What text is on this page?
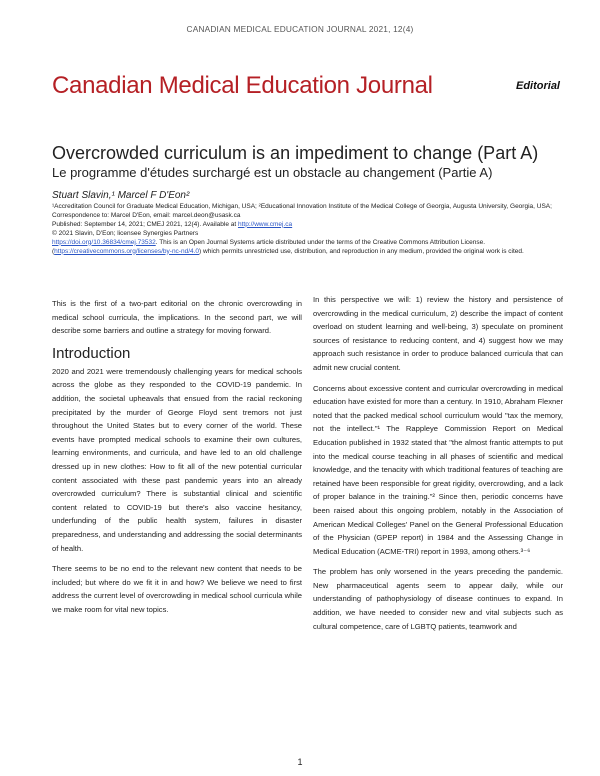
CANADIAN MEDICAL EDUCATION JOURNAL 2021, 12(4)
Canadian Medical Education Journal	Editorial
Overcrowded curriculum is an impediment to change (Part A)
Le programme d'études surchargé est un obstacle au changement (Partie A)
Stuart Slavin,¹ Marcel F D'Eon²
¹Accreditation Council for Graduate Medical Education, Michigan, USA; ²Educational Innovation Institute of the Medical College of Georgia, Augusta University, Georgia, USA;
Correspondence to: Marcel D'Eon, email: marcel.deon@usask.ca
Published: September 14, 2021; CMEJ 2021, 12(4). Available at http://www.cmej.ca
© 2021 Slavin, D'Eon; licensee Synergies Partners
https://doi.org/10.36834/cmej.73532. This is an Open Journal Systems article distributed under the terms of the Creative Commons Attribution License.
(https://creativecommons.org/licenses/by-nc-nd/4.0) which permits unrestricted use, distribution, and reproduction in any medium, provided the original work is cited.

This is the first of a two-part editorial on the chronic overcrowding in medical school curricula, the implications. In the second part, we will describe some barriers and outline a strategy for moving forward.

Introduction

2020 and 2021 were tremendously challenging years for medical schools across the globe as they responded to the COVID-19 pandemic. In addition, the societal upheavals that ensued from the racial reckoning precipitated by the murder of George Floyd sent tremors not just throughout the United States but to every corner of the world. These events have prompted medical schools to examine their own cultures, learning environments, and curricula, and have led to an old challenge dressed up in new clothes: How to fit all of the new potential curricular content associated with these past pandemic years into an already overcrowded curriculum? There is substantial clinical and scientific content related to COVID-19 but there's also vaccine hesitancy, underfunding of the public health system, failures in disaster preparedness, and understanding and addressing the social determinants of health.

There seems to be no end to the relevant new content that needs to be included; but where do we fit it in and how? We believe we need to first address the current level of overcrowding in medical school curricula while we make room for vital new topics.

In this perspective we will: 1) review the history and persistence of overcrowding in the medical curriculum, 2) describe the impact of content overload on student learning and well-being, 3) speculate on prominent sources of resistance to reducing content, and 4) suggest how we may approach such resistance in order to produce balanced curricula that can admit new crucial content.

Concerns about excessive content and curricular overcrowding in medical education have existed for more than a century. In 1910, Abraham Flexner noted that the packed medical school curriculum would "tax the memory, not the intellect."¹ The Rappleye Commission Report on Medical Education published in 1932 stated that "the almost frantic attempts to put into the medical course teaching in all phases of scientific and medical knowledge, and the tenacity with which traditional features of teaching are retained have been responsible for great rigidity, overcrowding, and a lack of proper balance in the training."² Since then, periodic concerns have been raised about this ongoing problem, notably in the Association of American Medical Colleges' Panel on the General Professional Education of the Physician (GPEP report) in 1984 and the Assessing Change in Medical Education (ACME-TRI) report in 1993, among others.³⁻⁶

The problem has only worsened in the years preceding the pandemic. New pharmaceutical agents seem to appear daily, while our understanding of pathophysiology of disease continues to expand. In addition, we have needed to consider new and vital subjects such as cultural competence, care of LGBTQ patients, teamwork and

1
